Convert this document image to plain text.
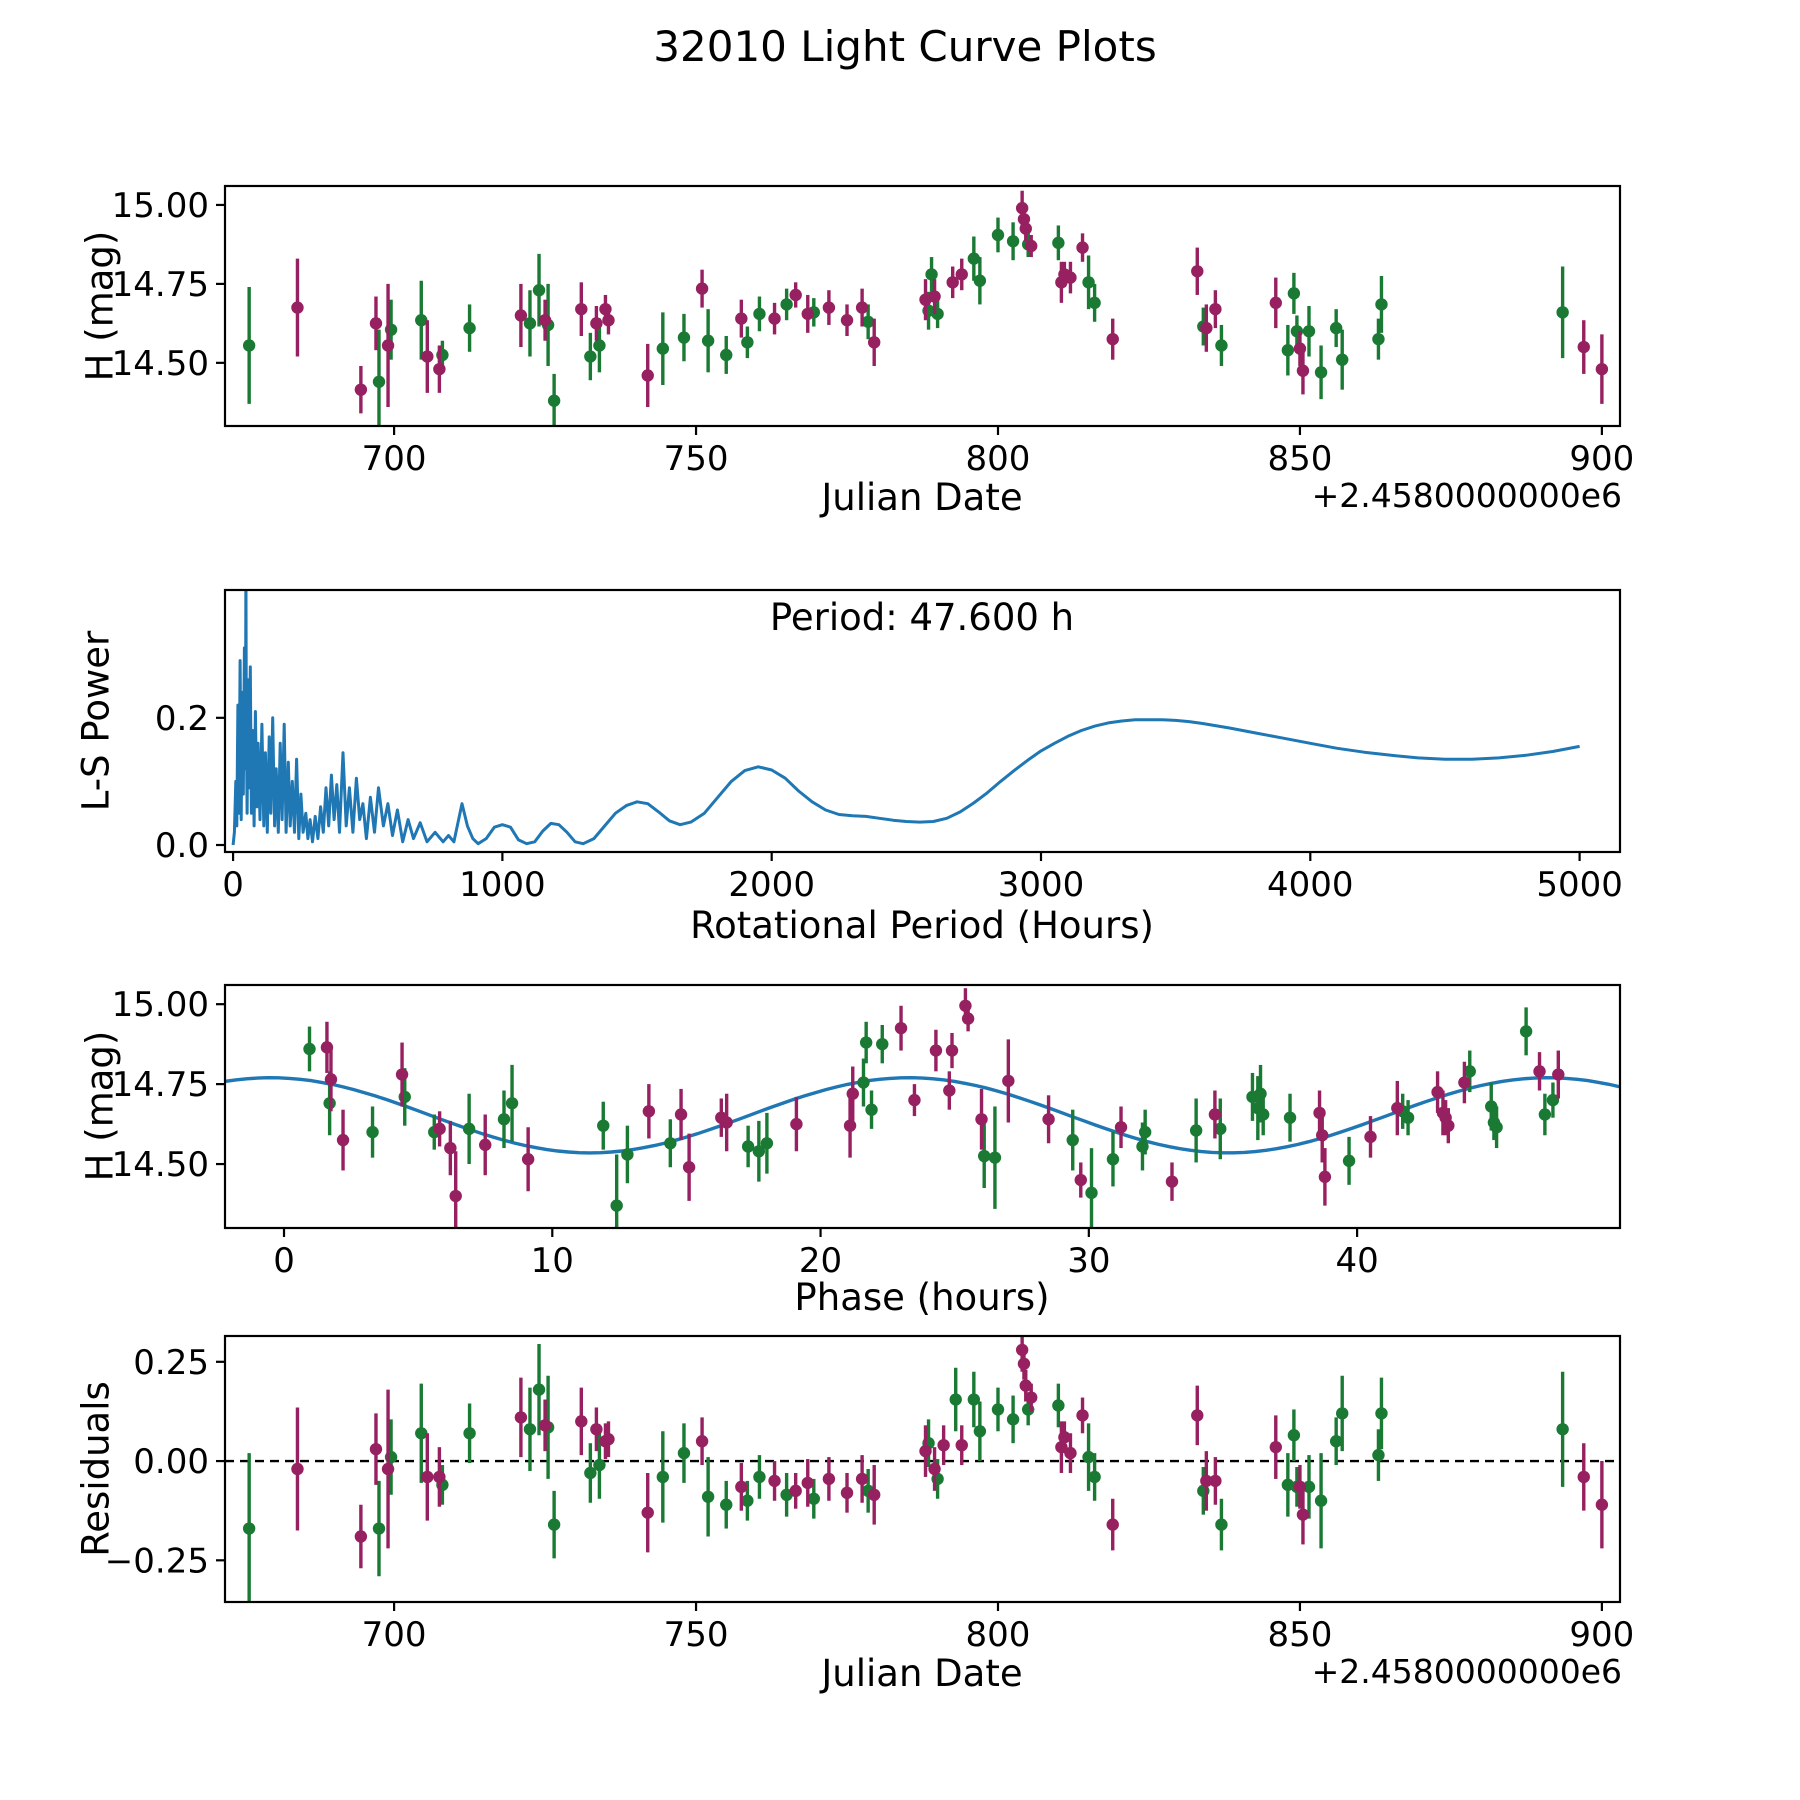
700	750	800	850	900
14.50
14.75
15.00
0	1000	2000	3000	4000	5000
0.0
0.2
0	10	20	30	40
14.50
14.75
15.00
700	750	800	850	900
−0.25
0.00
0.25
32010 Light Curve Plots
H (mag)
Julian Date	+2.4580000000e6
Period: 47.600 h
L-S Power
Rotational Period (Hours)
H (mag)
Phase (hours)
Residuals
Julian Date	+2.4580000000e6
